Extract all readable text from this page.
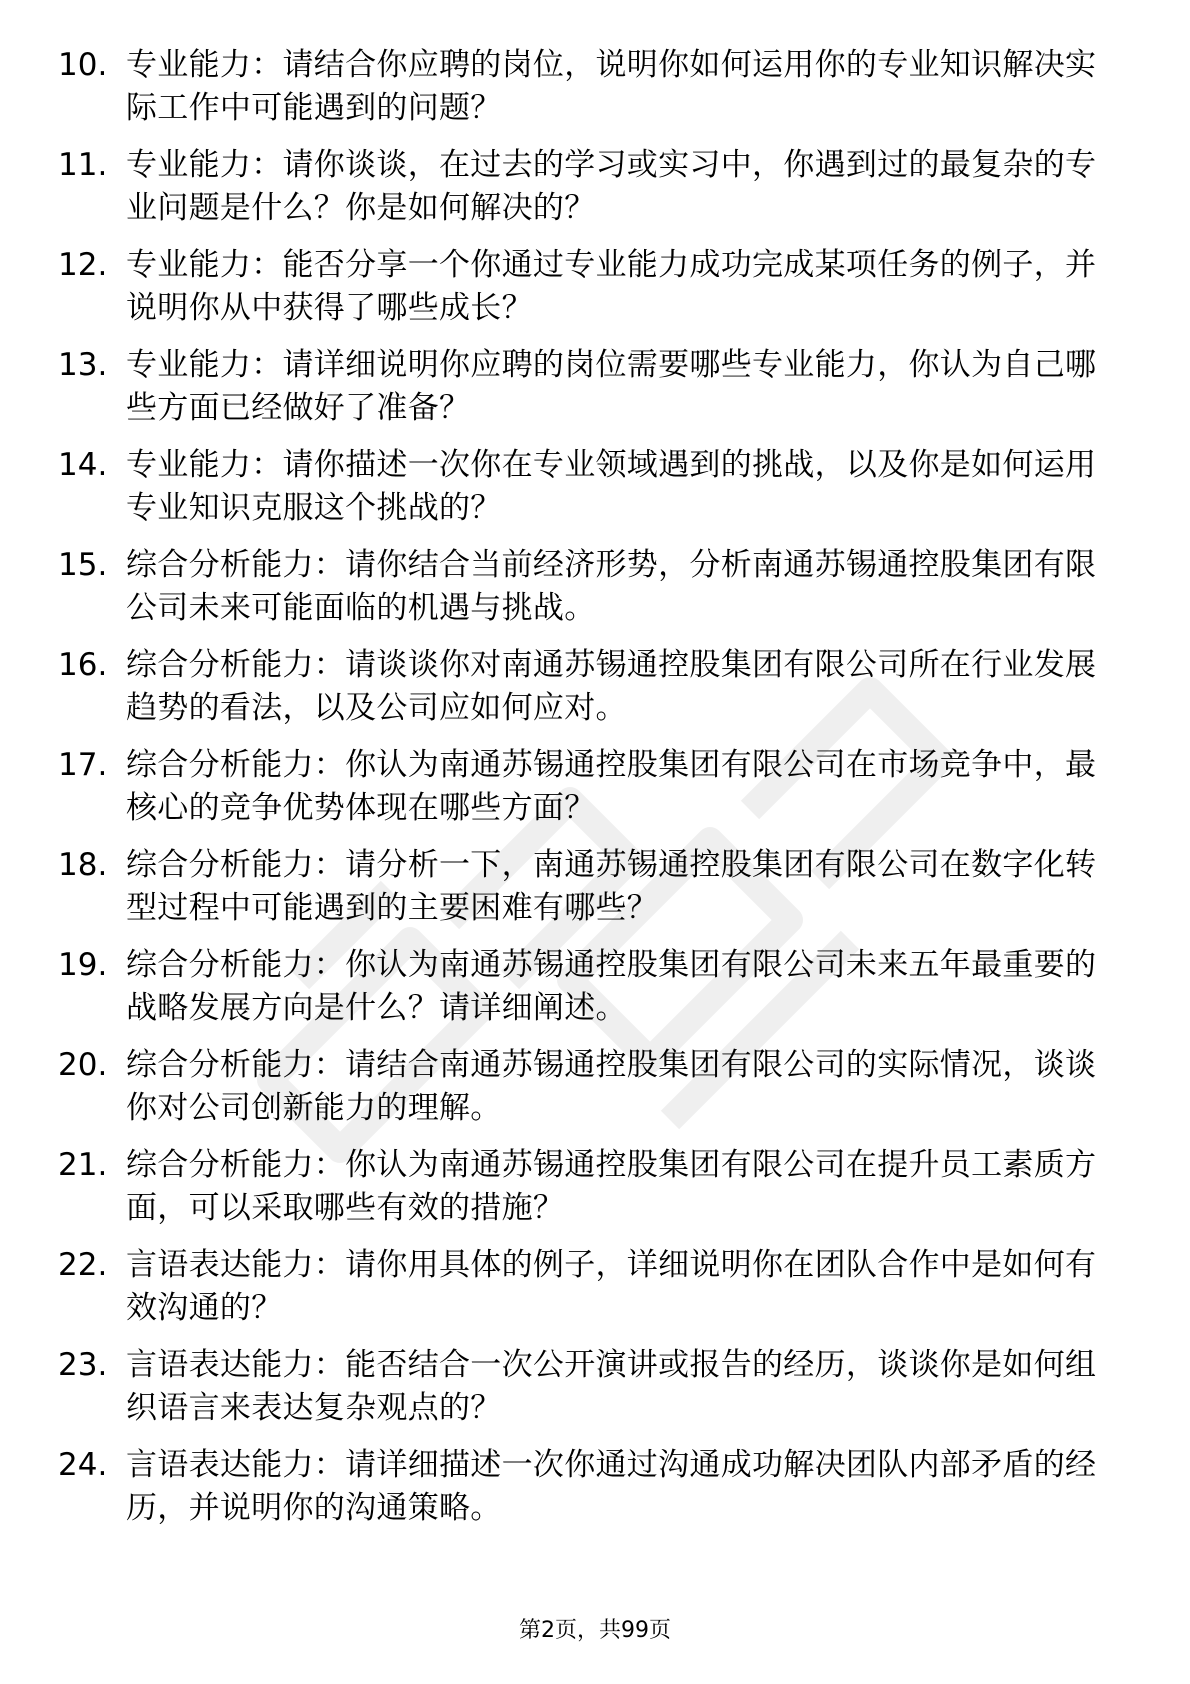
10. 专业能力：请结合你应聘的岗位，说明你如何运用你的专业知识解决实际工作中可能遇到的问题？
11. 专业能力：请你谈谈，在过去的学习或实习中，你遇到过的最复杂的专业问题是什么？你是如何解决的？
12. 专业能力：能否分享一个你通过专业能力成功完成某项任务的例子，并说明你从中获得了哪些成长？
13. 专业能力：请详细说明你应聘的岗位需要哪些专业能力，你认为自己哪些方面已经做好了准备？
14. 专业能力：请你描述一次你在专业领域遇到的挑战，以及你是如何运用专业知识克服这个挑战的？
15. 综合分析能力：请你结合当前经济形势，分析南通苏锡通控股集团有限公司未来可能面临的机遇与挑战。
16. 综合分析能力：请谈谈你对南通苏锡通控股集团有限公司所在行业发展趋势的看法，以及公司应如何应对。
17. 综合分析能力：你认为南通苏锡通控股集团有限公司在市场竞争中，最核心的竞争优势体现在哪些方面？
18. 综合分析能力：请分析一下，南通苏锡通控股集团有限公司在数字化转型过程中可能遇到的主要困难有哪些？
19. 综合分析能力：你认为南通苏锡通控股集团有限公司未来五年最重要的战略发展方向是什么？请详细阐述。
20. 综合分析能力：请结合南通苏锡通控股集团有限公司的实际情况，谈谈你对公司创新能力的理解。
21. 综合分析能力：你认为南通苏锡通控股集团有限公司在提升员工素质方面，可以采取哪些有效的措施？
22. 言语表达能力：请你用具体的例子，详细说明你在团队合作中是如何有效沟通的？
23. 言语表达能力：能否结合一次公开演讲或报告的经历，谈谈你是如何组织语言来表达复杂观点的？
24. 言语表达能力：请详细描述一次你通过沟通成功解决团队内部矛盾的经历，并说明你的沟通策略。
第2页，共99页
